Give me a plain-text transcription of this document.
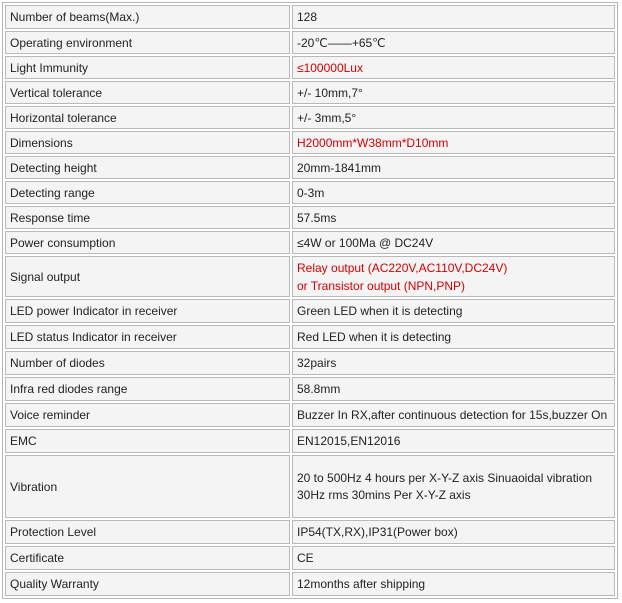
Number of beams(Max.)	128
Operating environment	-20℃——+65℃
Light Immunity	≤100000Lux
Vertical tolerance	+/- 10mm,7°
Horizontal tolerance	+/- 3mm,5°
Dimensions	H2000mm*W38mm*D10mm
Detecting height	20mm-1841mm
Detecting range	0-3m
Response time	57.5ms
Power consumption	≤4W or 100Ma @ DC24V
Signal output	Relay output (AC220V,AC110V,DC24V)
or Transistor output (NPN,PNP)
LED power Indicator in receiver	Green LED when it is detecting
LED status Indicator in receiver	Red LED when it is detecting
Number of diodes	32pairs
Infra red diodes range	58.8mm
Voice reminder	Buzzer In RX,after continuous detection for 15s,buzzer On
EMC	EN12015,EN12016
Vibration	20 to 500Hz 4 hours per X-Y-Z axis Sinuaoidal vibration
30Hz rms 30mins Per X-Y-Z axis
Protection Level	IP54(TX,RX),IP31(Power box)
Certificate	CE
Quality Warranty	12months after shipping
